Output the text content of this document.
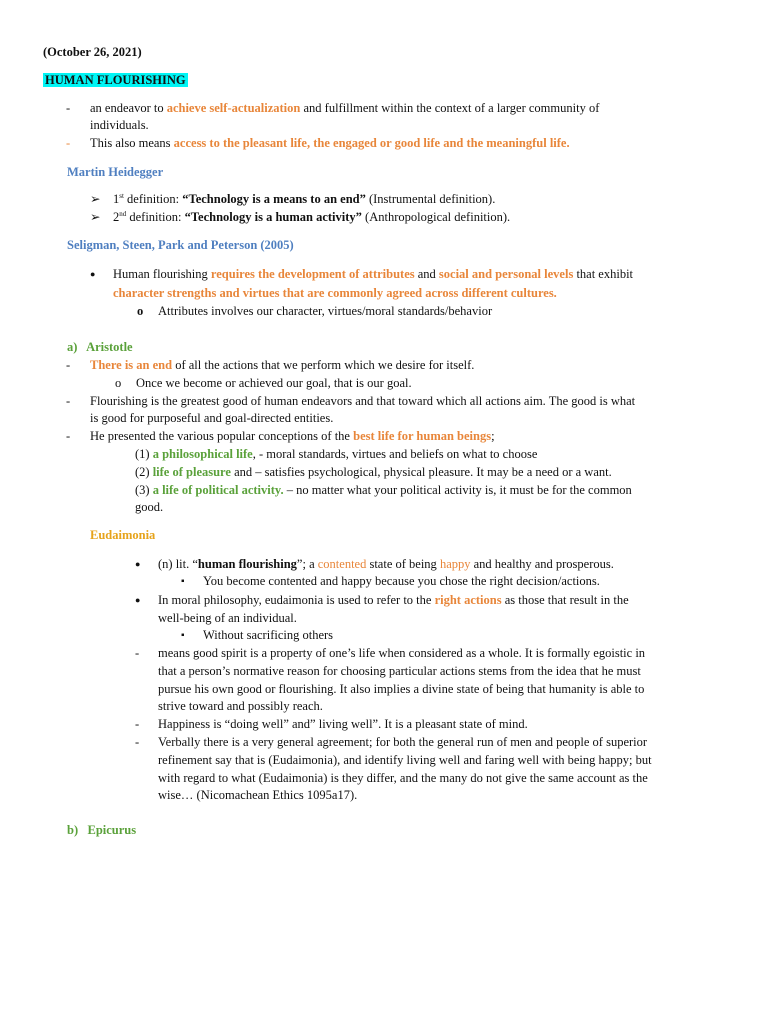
(October 26, 2021)
HUMAN FLOURISHING
- an endeavor to achieve self-actualization and fulfillment within the context of a larger community of
individuals.
- This also means access to the pleasant life, the engaged or good life and the meaningful life.
Martin Heidegger
➢ 1st definition: “Technology is a means to an end” (Instrumental definition).
➢ 2nd definition: “Technology is a human activity” (Anthropological definition).
Seligman, Steen, Park and Peterson (2005)
● Human flourishing requires the development of attributes and social and personal levels that exhibit
character strengths and virtues that are commonly agreed across different cultures.
o Attributes involves our character, virtues/moral standards/behavior
a)   Aristotle
- There is an end of all the actions that we perform which we desire for itself.
o Once we become or achieved our goal, that is our goal.
- Flourishing is the greatest good of human endeavors and that toward which all actions aim. The good is what
is good for purposeful and goal-directed entities.
- He presented the various popular conceptions of the best life for human beings;
(1) a philosophical life, - moral standards, virtues and beliefs on what to choose
(2) life of pleasure and – satisfies psychological, physical pleasure. It may be a need or a want.
(3) a life of political activity. – no matter what your political activity is, it must be for the common
good.
Eudaimonia
● (n) lit. “human flourishing”; a contented state of being happy and healthy and prosperous.
▪ You become contented and happy because you chose the right decision/actions.
● In moral philosophy, eudaimonia is used to refer to the right actions as those that result in the
well-being of an individual.
▪ Without sacrificing others
- means good spirit is a property of one’s life when considered as a whole. It is formally egoistic in
that a person’s normative reason for choosing particular actions stems from the idea that he must
pursue his own good or flourishing. It also implies a divine state of being that humanity is able to
strive toward and possibly reach.
- Happiness is “doing well” and” living well”. It is a pleasant state of mind.
- Verbally there is a very general agreement; for both the general run of men and people of superior
refinement say that is (Eudaimonia), and identify living well and faring well with being happy; but
with regard to what (Eudaimonia) is they differ, and the many do not give the same account as the
wise… (Nicomachean Ethics 1095a17).
b)   Epicurus
